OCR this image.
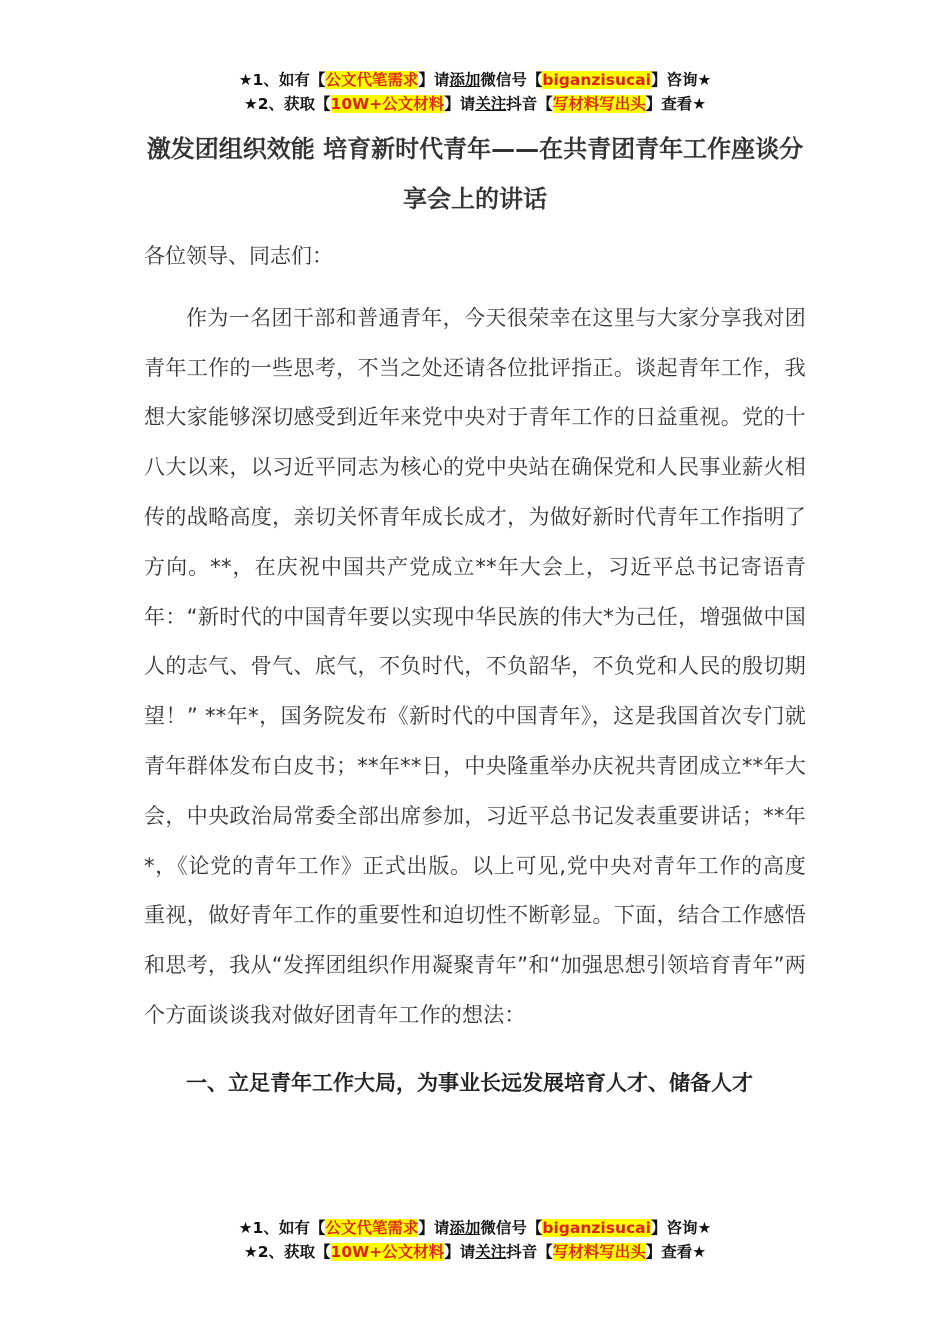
★1、如有【公文代笔需求】请添加微信号【biganzisucai】咨询★
★2、获取【10W+公文材料】请关注抖音【写材料写出头】查看★
激发团组织效能 培育新时代青年——在共青团青年工作座谈分享会上的讲话

各位领导、同志们：

作为一名团干部和普通青年，今天很荣幸在这里与大家分享我对团青年工作的一些思考，不当之处还请各位批评指正。谈起青年工作，我想大家能够深切感受到近年来党中央对于青年工作的日益重视。党的十八大以来，以习近平同志为核心的党中央站在确保党和人民事业薪火相传的战略高度，亲切关怀青年成长成才，为做好新时代青年工作指明了方向。**，在庆祝中国共产党成立**年大会上，习近平总书记寄语青年：“新时代的中国青年要以实现中华民族的伟大*为己任，增强做中国人的志气、骨气、底气，不负时代，不负韶华，不负党和人民的殷切期望！” **年*，国务院发布《新时代的中国青年》，这是我国首次专门就青年群体发布白皮书；**年**日，中央隆重举办庆祝共青团成立**年大会，中央政治局常委全部出席参加，习近平总书记发表重要讲话；**年*，《论党的青年工作》正式出版。以上可见,党中央对青年工作的高度重视，做好青年工作的重要性和迫切性不断彰显。下面，结合工作感悟和思考，我从“发挥团组织作用凝聚青年”和“加强思想引领培育青年”两个方面谈谈我对做好团青年工作的想法：

一、立足青年工作大局，为事业长远发展培育人才、储备人才

★1、如有【公文代笔需求】请添加微信号【biganzisucai】咨询★
★2、获取【10W+公文材料】请关注抖音【写材料写出头】查看★
